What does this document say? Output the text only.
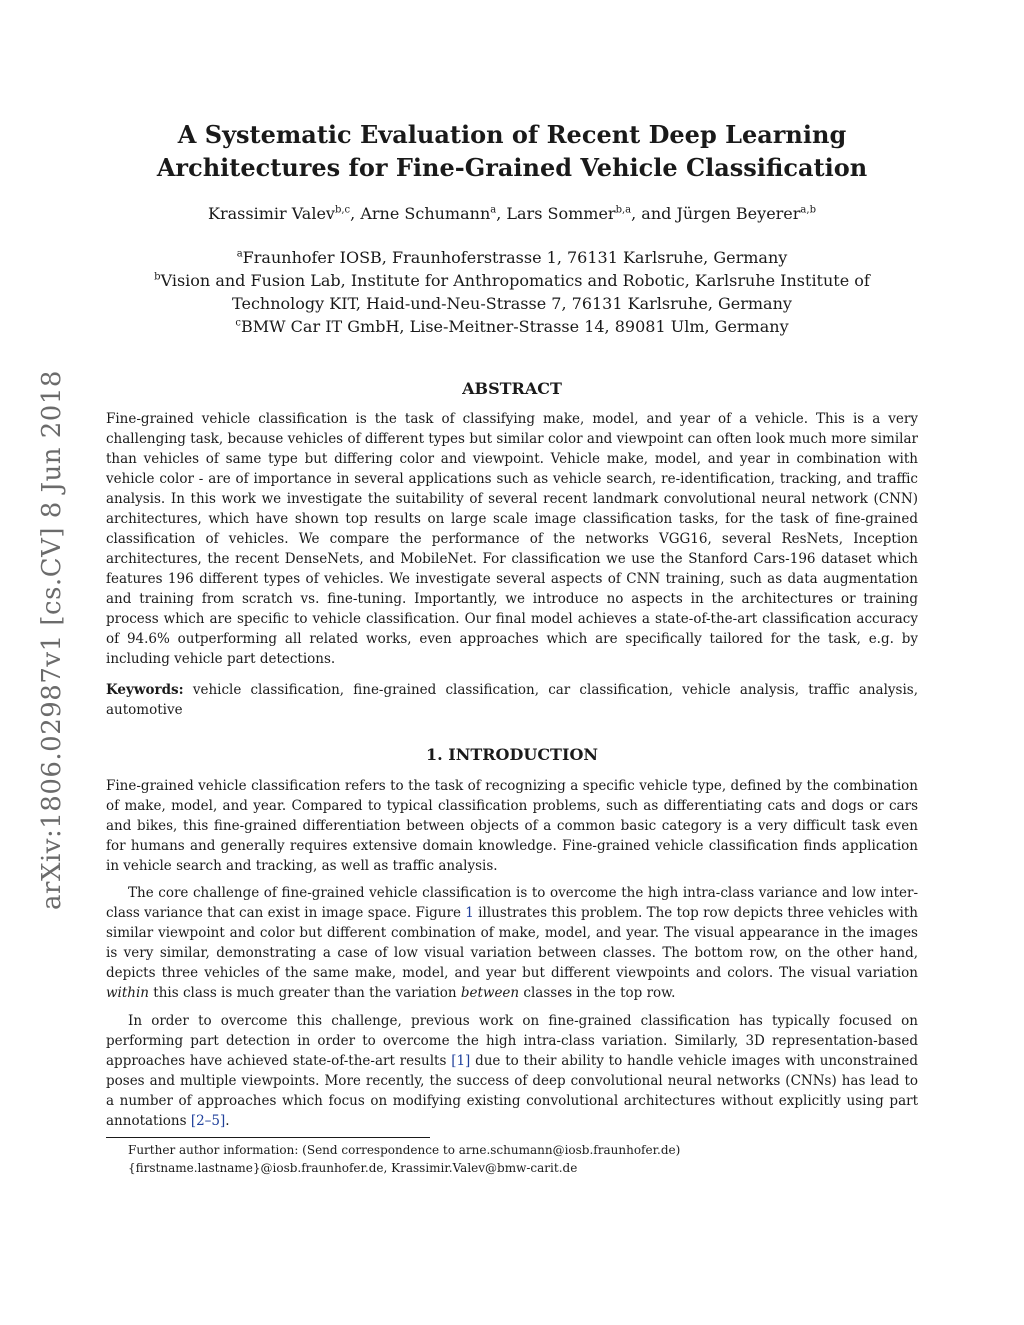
arXiv:1806.02987v1 [cs.CV] 8 Jun 2018
A Systematic Evaluation of Recent Deep Learning
Architectures for Fine-Grained Vehicle Classification
Krassimir Valev$^{b,c}$, Arne Schumann$^a$, Lars Sommer$^{b,a}$, and Jürgen Beyerer$^{a,b}$
$^a$Fraunhofer IOSB, Fraunhoferstrasse 1, 76131 Karlsruhe, Germany
$^b$Vision and Fusion Lab, Institute for Anthropomatics and Robotic, Karlsruhe Institute of
Technology KIT, Haid-und-Neu-Strasse 7, 76131 Karlsruhe, Germany
$^c$BMW Car IT GmbH, Lise-Meitner-Strasse 14, 89081 Ulm, Germany
ABSTRACT

Fine-grained vehicle classification is the task of classifying make, model, and year of a vehicle. This is a very challenging task, because vehicles of different types but similar color and viewpoint can often look much more similar than vehicles of same type but differing color and viewpoint. Vehicle make, model, and year in combination with vehicle color - are of importance in several applications such as vehicle search, re-identification, tracking, and traffic analysis. In this work we investigate the suitability of several recent landmark convolutional neural network (CNN) architectures, which have shown top results on large scale image classification tasks, for the task of fine-grained classification of vehicles. We compare the performance of the networks VGG16, several ResNets, Inception architectures, the recent DenseNets, and MobileNet. For classification we use the Stanford Cars-196 dataset which features 196 different types of vehicles. We investigate several aspects of CNN training, such as data augmentation and training from scratch vs. fine-tuning. Importantly, we introduce no aspects in the architectures or training process which are specific to vehicle classification. Our final model achieves a state-of-the-art classification accuracy of 94.6% outperforming all related works, even approaches which are specifically tailored for the task, e.g. by including vehicle part detections.

Keywords: vehicle classification, fine-grained classification, car classification, vehicle analysis, traffic analysis, automotive

1. INTRODUCTION

Fine-grained vehicle classification refers to the task of recognizing a specific vehicle type, defined by the combination of make, model, and year. Compared to typical classification problems, such as differentiating cats and dogs or cars and bikes, this fine-grained differentiation between objects of a common basic category is a very difficult task even for humans and generally requires extensive domain knowledge. Fine-grained vehicle classification finds application in vehicle search and tracking, as well as traffic analysis.

The core challenge of fine-grained vehicle classification is to overcome the high intra-class variance and low inter-class variance that can exist in image space. Figure 1 illustrates this problem. The top row depicts three vehicles with similar viewpoint and color but different combination of make, model, and year. The visual appearance in the images is very similar, demonstrating a case of low visual variation between classes. The bottom row, on the other hand, depicts three vehicles of the same make, model, and year but different viewpoints and colors. The visual variation within this class is much greater than the variation between classes in the top row.

In order to overcome this challenge, previous work on fine-grained classification has typically focused on performing part detection in order to overcome the high intra-class variation. Similarly, 3D representation-based approaches have achieved state-of-the-art results [1] due to their ability to handle vehicle images with unconstrained poses and multiple viewpoints. More recently, the success of deep convolutional neural networks (CNNs) has lead to a number of approaches which focus on modifying existing convolutional architectures without explicitly using part annotations [2–5].

Further author information: (Send correspondence to arne.schumann@iosb.fraunhofer.de)
{firstname.lastname}@iosb.fraunhofer.de, Krassimir.Valev@bmw-carit.de
